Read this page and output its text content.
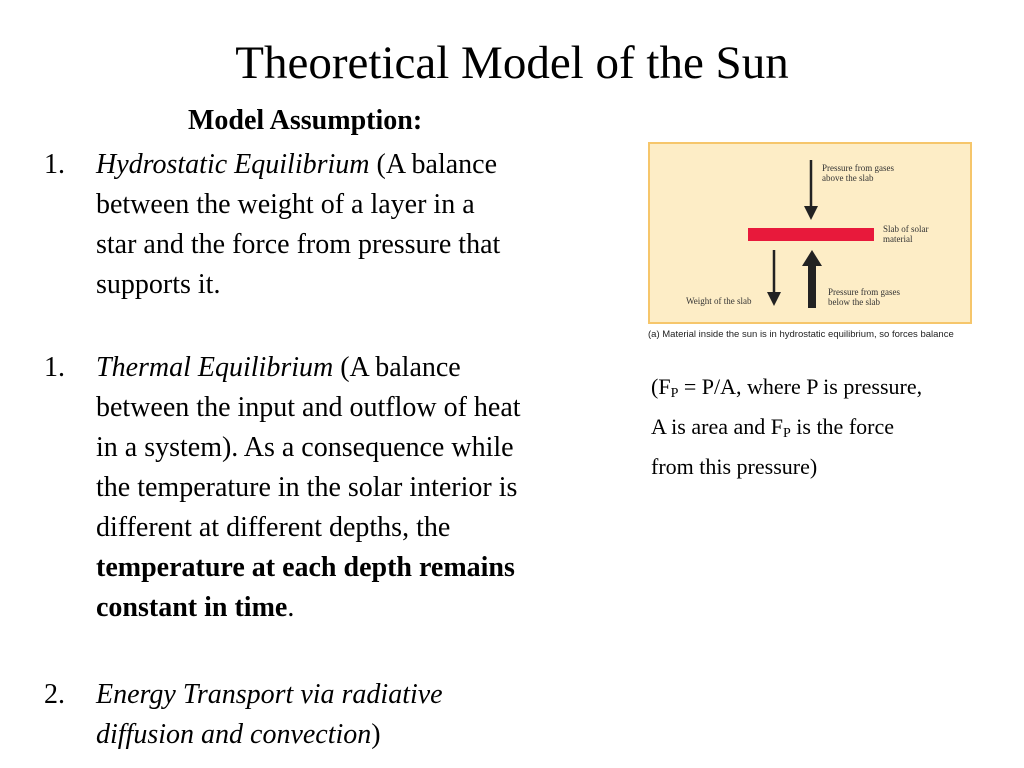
Theoretical Model of the Sun
Model Assumption:
1. Hydrostatic Equilibrium (A balance
between the weight of a layer in a
star and the force from pressure that
supports it.
1. Thermal Equilibrium (A balance
between the input and outflow of heat
in a system). As a consequence while
the temperature in the solar interior is
different at different depths, the
temperature at each depth remains
constant in time.
2. Energy Transport via radiative
diffusion and convection)
Pressure from gases
above the slab
Slab of solar
material
Weight of the slab
Pressure from gases
below the slab
(a) Material inside the sun is in hydrostatic equilibrium, so forces balance
($F_P = P/A$, where P is pressure,
A is area and $F_P$ is the force
from this pressure)
